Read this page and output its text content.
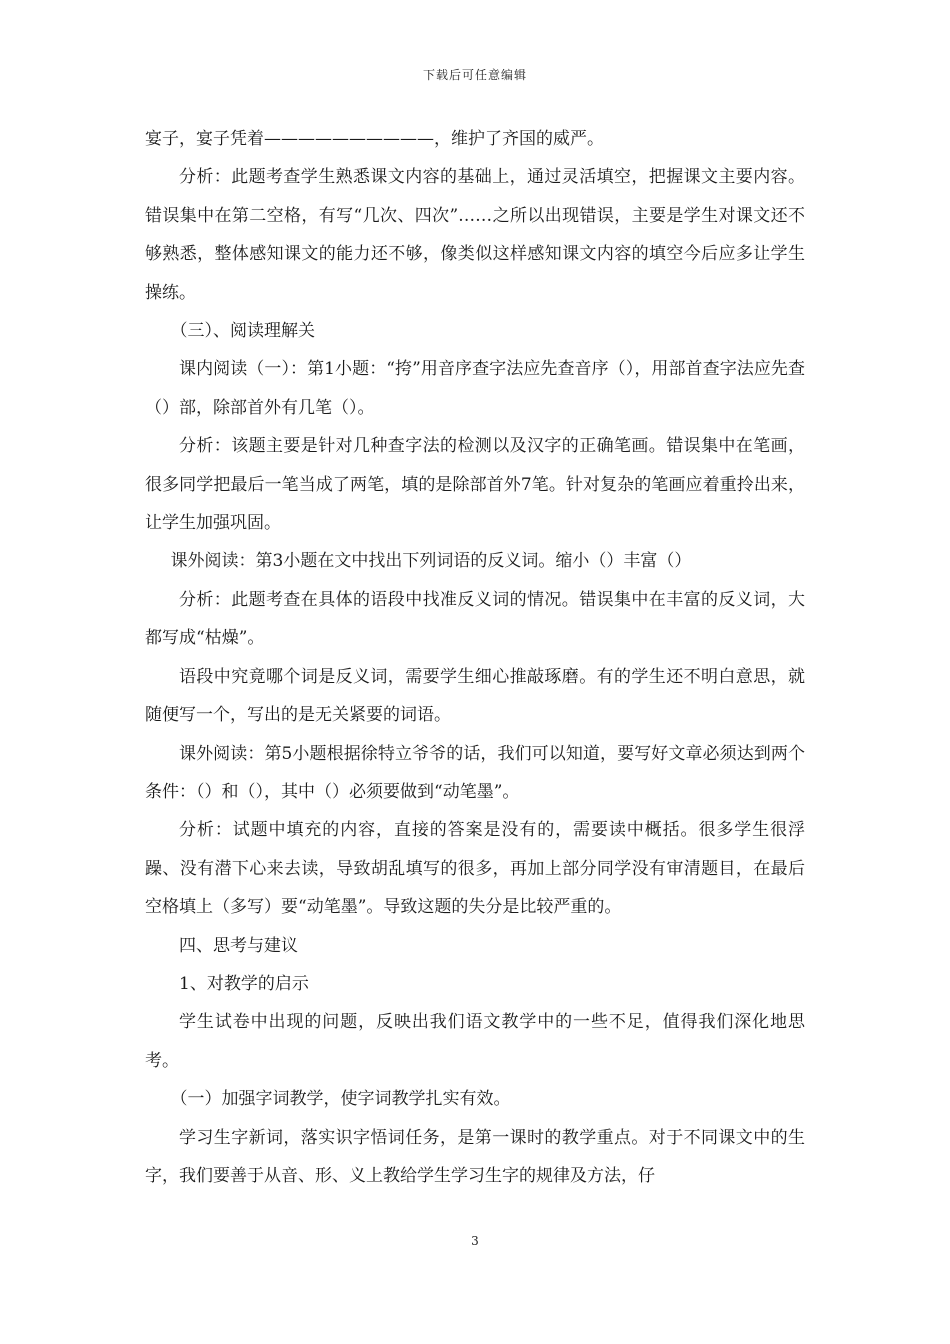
下载后可任意编辑

宴子，宴子凭着——————————，维护了齐国的威严。

分析：此题考查学生熟悉课文内容的基础上，通过灵活填空，把握课文主要内容。错误集中在第二空格，有写“几次、四次”……之所以出现错误，主要是学生对课文还不够熟悉，整体感知课文的能力还不够，像类似这样感知课文内容的填空今后应多让学生操练。

（三）、阅读理解关

课内阅读（一）：第1小题：“挎”用音序查字法应先查音序（），用部首查字法应先查（）部，除部首外有几笔（）。

分析：该题主要是针对几种查字法的检测以及汉字的正确笔画。错误集中在笔画，很多同学把最后一笔当成了两笔，填的是除部首外7笔。针对复杂的笔画应着重拎出来，让学生加强巩固。

课外阅读：第3小题在文中找出下列词语的反义词。缩小（）丰富（）

分析：此题考查在具体的语段中找准反义词的情况。错误集中在丰富的反义词，大都写成“枯燥”。

语段中究竟哪个词是反义词，需要学生细心推敲琢磨。有的学生还不明白意思，就随便写一个，写出的是无关紧要的词语。

课外阅读：第5小题根据徐特立爷爷的话，我们可以知道，要写好文章必须达到两个条件：（）和（），其中（）必须要做到“动笔墨”。

分析：试题中填充的内容，直接的答案是没有的，需要读中概括。很多学生很浮躁、没有潜下心来去读，导致胡乱填写的很多，再加上部分同学没有审清题目，在最后空格填上（多写）要“动笔墨”。导致这题的失分是比较严重的。

四、思考与建议

1、对教学的启示

学生试卷中出现的问题，反映出我们语文教学中的一些不足，值得我们深化地思考。

（一）加强字词教学，使字词教学扎实有效。

学习生字新词，落实识字悟词任务，是第一课时的教学重点。对于不同课文中的生字，我们要善于从音、形、义上教给学生学习生字的规律及方法，仔

3
